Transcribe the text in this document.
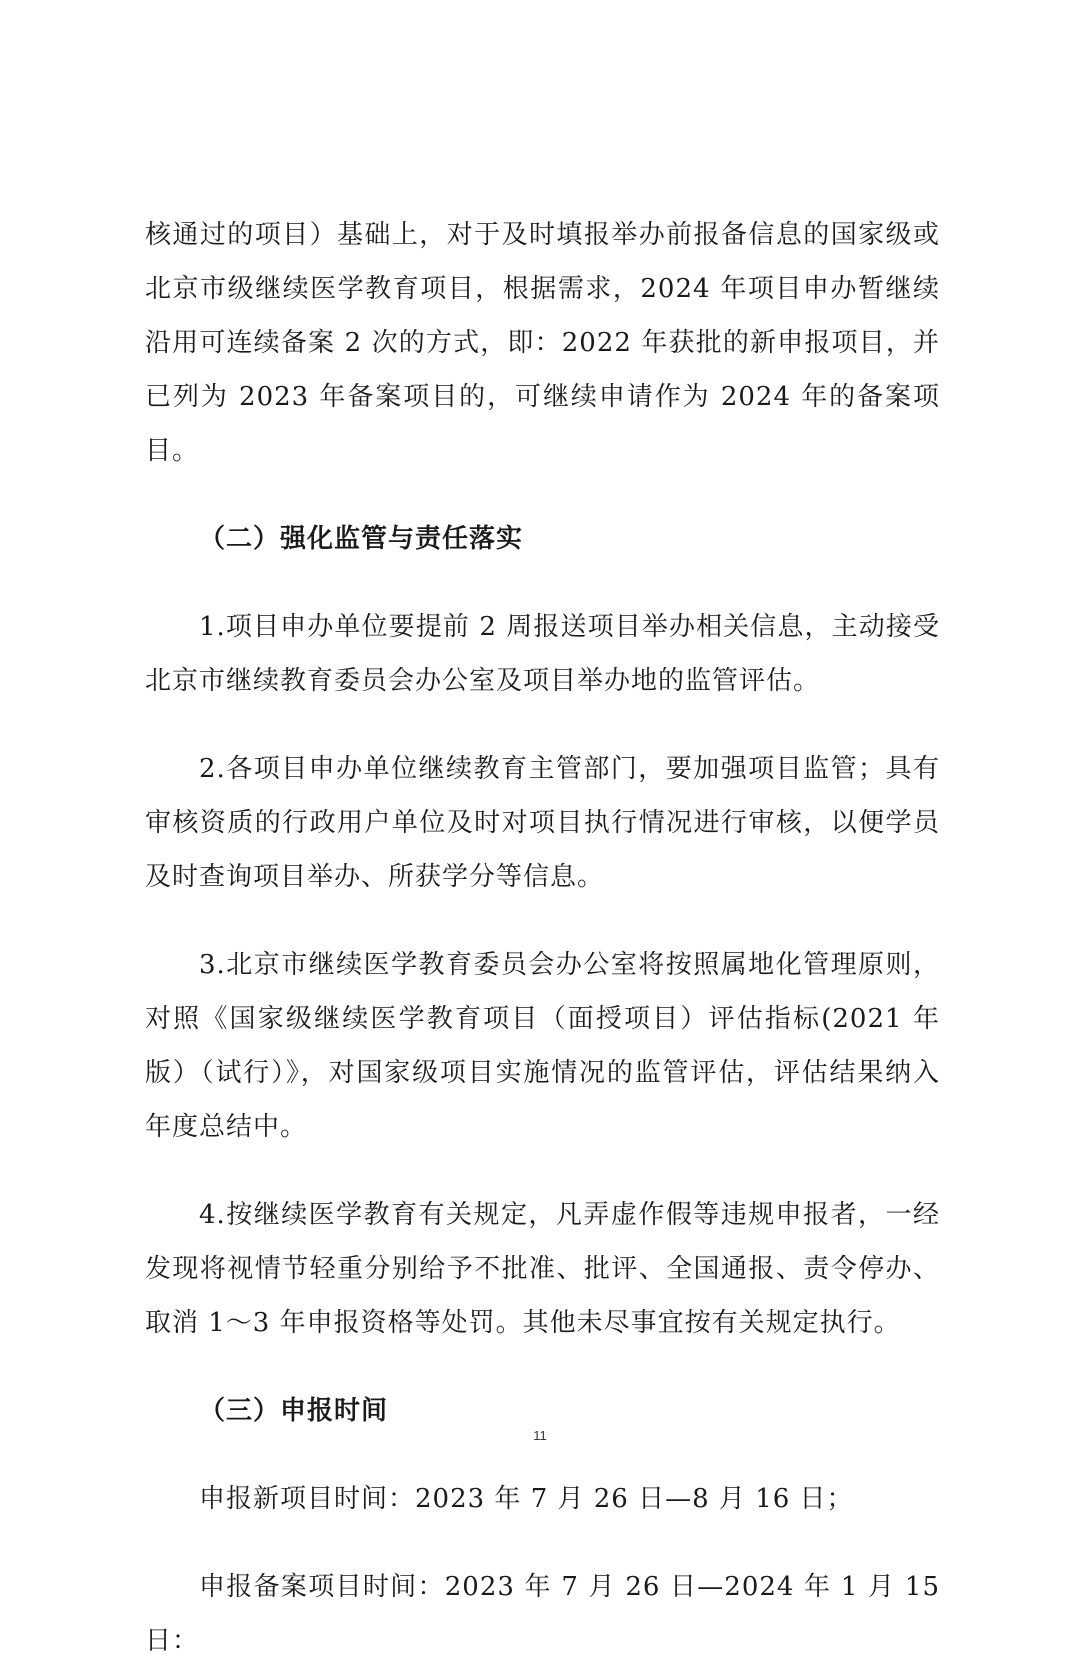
核通过的项目）基础上，对于及时填报举办前报备信息的国家级或北京市级继续医学教育项目，根据需求，2024 年项目申办暂继续沿用可连续备案 2 次的方式，即：2022 年获批的新申报项目，并已列为 2023 年备案项目的，可继续申请作为 2024 年的备案项目。

（二）强化监管与责任落实

1.项目申办单位要提前 2 周报送项目举办相关信息，主动接受北京市继续教育委员会办公室及项目举办地的监管评估。

2.各项目申办单位继续教育主管部门，要加强项目监管；具有审核资质的行政用户单位及时对项目执行情况进行审核，以便学员及时查询项目举办、所获学分等信息。

3.北京市继续医学教育委员会办公室将按照属地化管理原则，对照《国家级继续医学教育项目（面授项目）评估指标(2021 年版）（试行）》，对国家级项目实施情况的监管评估，评估结果纳入年度总结中。

4.按继续医学教育有关规定，凡弄虚作假等违规申报者，一经发现将视情节轻重分别给予不批准、批评、全国通报、责令停办、取消 1～3 年申报资格等处罚。其他未尽事宜按有关规定执行。

（三）申报时间

申报新项目时间：2023 年 7 月 26 日—8 月 16 日；

申报备案项目时间：2023 年 7 月 26 日—2024 年 1 月 15 日：

11
